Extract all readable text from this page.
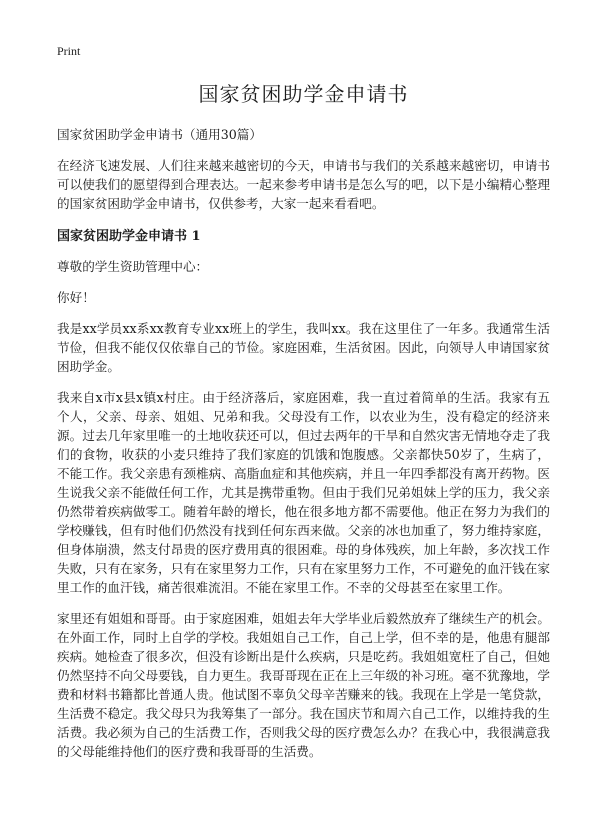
Print
国家贫困助学金申请书

国家贫困助学金申请书（通用30篇）

在经济飞速发展、人们往来越来越密切的今天，申请书与我们的关系越来越密切，申请书可以使我们的愿望得到合理表达。一起来参考申请书是怎么写的吧，以下是小编精心整理的国家贫困助学金申请书，仅供参考，大家一起来看看吧。

国家贫困助学金申请书 1

尊敬的学生资助管理中心：

你好！

我是xx学员xx系xx教育专业xx班上的学生，我叫xx。我在这里住了一年多。我通常生活节俭，但我不能仅仅依靠自己的节俭。家庭困难，生活贫困。因此，向领导人申请国家贫困助学金。

我来自x市x县x镇x村庄。由于经济落后，家庭困难，我一直过着简单的生活。我家有五个人，父亲、母亲、姐姐、兄弟和我。父母没有工作，以农业为生，没有稳定的经济来源。过去几年家里唯一的土地收获还可以，但过去两年的干旱和自然灾害无情地夺走了我们的食物，收获的小麦只维持了我们家庭的饥饿和饱腹感。父亲都快50岁了，生病了，不能工作。我父亲患有颈椎病、高脂血症和其他疾病，并且一年四季都没有离开药物。医生说我父亲不能做任何工作，尤其是携带重物。但由于我们兄弟姐妹上学的压力，我父亲仍然带着疾病做零工。随着年龄的增长，他在很多地方都不需要他。他正在努力为我们的学校赚钱，但有时他们仍然没有找到任何东西来做。父亲的冰也加重了，努力维持家庭，但身体崩溃，然支付昂贵的医疗费用真的很困难。母的身体残疾，加上年龄，多次找工作失败，只有在家务，只有在家里努力工作，只有在家里努力工作，不可避免的血汗钱在家里工作的血汗钱，痛苦很难流泪。不能在家里工作。不幸的父母甚至在家里工作。

家里还有姐姐和哥哥。由于家庭困难，姐姐去年大学毕业后毅然放弃了继续生产的机会。在外面工作，同时上自学的学校。我姐姐自己工作，自己上学，但不幸的是，他患有腿部疾病。她检查了很多次，但没有诊断出是什么疾病，只是吃药。我姐姐宽枉了自己，但她仍然坚持不向父母要钱，自力更生。我哥哥现在正在上三年级的补习班。毫不犹豫地，学费和材料书籍都比普通人贵。他试图不辜负父母辛苦赚来的钱。我现在上学是一笔贷款，生活费不稳定。我父母只为我筹集了一部分。我在国庆节和周六自己工作，以维持我的生活费。我必须为自己的生活费工作，否则我父母的医疗费怎么办？在我心中，我很满意我的父母能维持他们的医疗费和我哥哥的生活费。
